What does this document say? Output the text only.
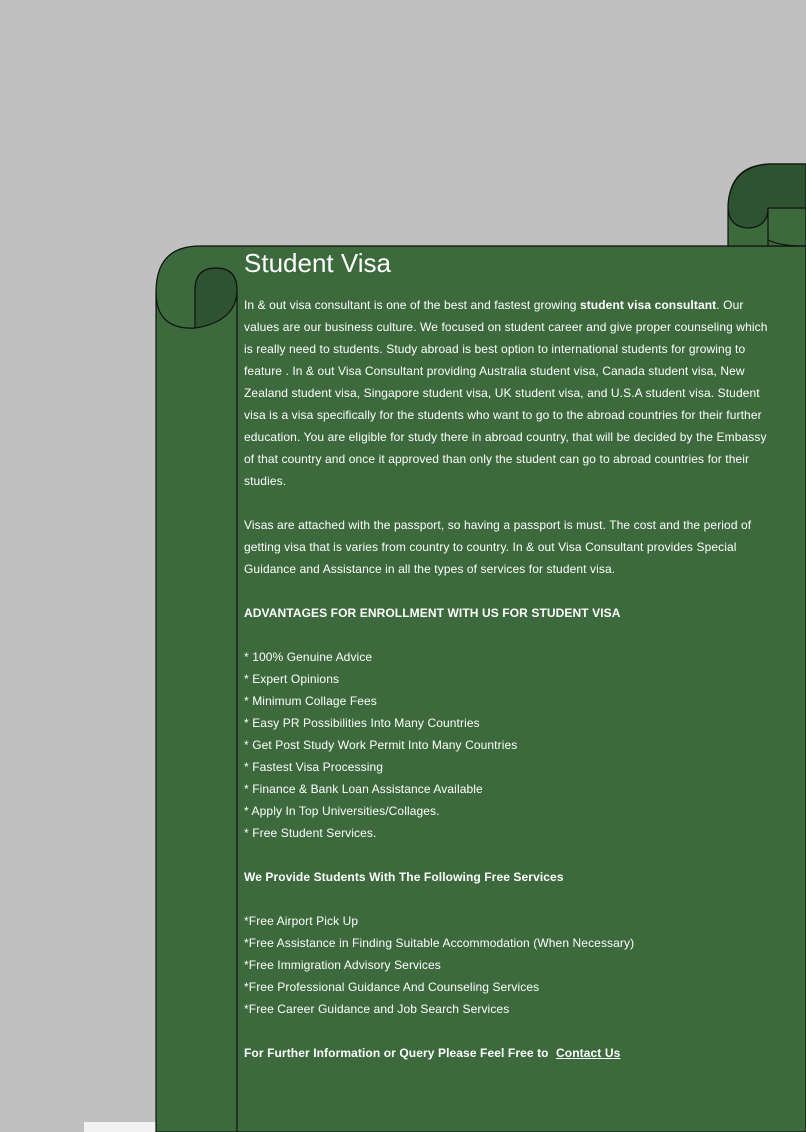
Student Visa

In & out visa consultant is one of the best and fastest growing student visa consultant. Our values are our business culture. We focused on student career and give proper counseling which is really need to students. Study abroad is best option to international students for growing to feature . In & out Visa Consultant providing Australia student visa, Canada student visa, New Zealand student visa, Singapore student visa, UK student visa, and U.S.A student visa. Student visa is a visa specifically for the students who want to go to the abroad countries for their further education. You are eligible for study there in abroad country, that will be decided by the Embassy of that country and once it approved than only the student can go to abroad countries for their studies.

Visas are attached with the passport, so having a passport is must. The cost and the period of getting visa that is varies from country to country. In & out Visa Consultant provides Special Guidance and Assistance in all the types of services for student visa.

ADVANTAGES FOR ENROLLMENT WITH US FOR STUDENT VISA

* 100% Genuine Advice
* Expert Opinions
* Minimum Collage Fees
* Easy PR Possibilities Into Many Countries
* Get Post Study Work Permit Into Many Countries
* Fastest Visa Processing
* Finance & Bank Loan Assistance Available
* Apply In Top Universities/Collages.
* Free Student Services.

We Provide Students With The Following Free Services

*Free Airport Pick Up
*Free Assistance in Finding Suitable Accommodation (When Necessary)
*Free Immigration Advisory Services
*Free Professional Guidance And Counseling Services
*Free Career Guidance and Job Search Services

For Further Information or Query Please Feel Free to Contact Us
